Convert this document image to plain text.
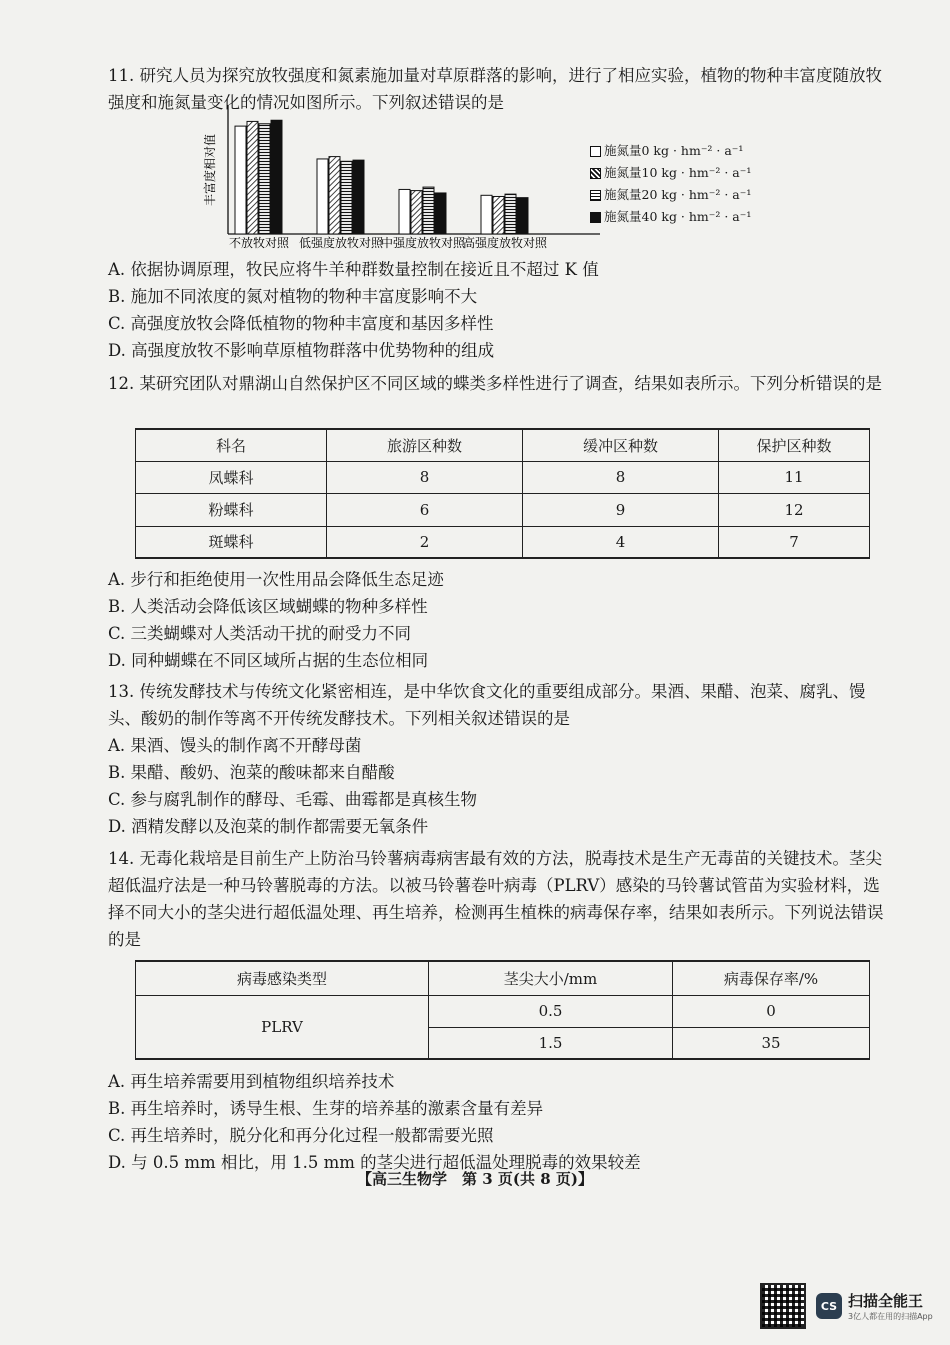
11. 研究人员为探究放牧强度和氮素施加量对草原群落的影响，进行了相应实验，植物的物种丰富度随放牧强度和施氮量变化的情况如图所示。下列叙述错误的是

丰富度相对值
不放牧对照 低强度放牧对照
中强度放牧对照
高强度放牧对照
施氮量0 kg · hm⁻² · a⁻¹
施氮量10 kg · hm⁻² · a⁻¹
施氮量20 kg · hm⁻² · a⁻¹
施氮量40 kg · hm⁻² · a⁻¹

A. 依据协调原理，牧民应将牛羊种群数量控制在接近且不超过 K 值

B. 施加不同浓度的氮对植物的物种丰富度影响不大

C. 高强度放牧会降低植物的物种丰富度和基因多样性

D. 高强度放牧不影响草原植物群落中优势物种的组成

12. 某研究团队对鼎湖山自然保护区不同区域的蝶类多样性进行了调查，结果如表所示。下列分析错误的是

科名	旅游区种数	缓冲区种数	保护区种数
凤蝶科	8	8	11
粉蝶科	6	9	12
斑蝶科	2	4	7

A. 步行和拒绝使用一次性用品会降低生态足迹

B. 人类活动会降低该区域蝴蝶的物种多样性

C. 三类蝴蝶对人类活动干扰的耐受力不同

D. 同种蝴蝶在不同区域所占据的生态位相同

13. 传统发酵技术与传统文化紧密相连，是中华饮食文化的重要组成部分。果酒、果醋、泡菜、腐乳、馒头、酸奶的制作等离不开传统发酵技术。下列相关叙述错误的是

A. 果酒、馒头的制作离不开酵母菌

B. 果醋、酸奶、泡菜的酸味都来自醋酸

C. 参与腐乳制作的酵母、毛霉、曲霉都是真核生物

D. 酒精发酵以及泡菜的制作都需要无氧条件

14. 无毒化栽培是目前生产上防治马铃薯病毒病害最有效的方法，脱毒技术是生产无毒苗的关键技术。茎尖超低温疗法是一种马铃薯脱毒的方法。以被马铃薯卷叶病毒（PLRV）感染的马铃薯试管苗为实验材料，选择不同大小的茎尖进行超低温处理、再生培养，检测再生植株的病毒保存率，结果如表所示。下列说法错误的是

病毒感染类型	茎尖大小/mm	病毒保存率/%
PLRV	0.5	0
	1.5	35

A. 再生培养需要用到植物组织培养技术

B. 再生培养时，诱导生根、生芽的培养基的激素含量有差异

C. 再生培养时，脱分化和再分化过程一般都需要光照

D. 与 0.5 mm 相比，用 1.5 mm 的茎尖进行超低温处理脱毒的效果较差

【高三生物学　第 3 页(共 8 页)】
CS 扫描全能王
3亿人都在用的扫描App
